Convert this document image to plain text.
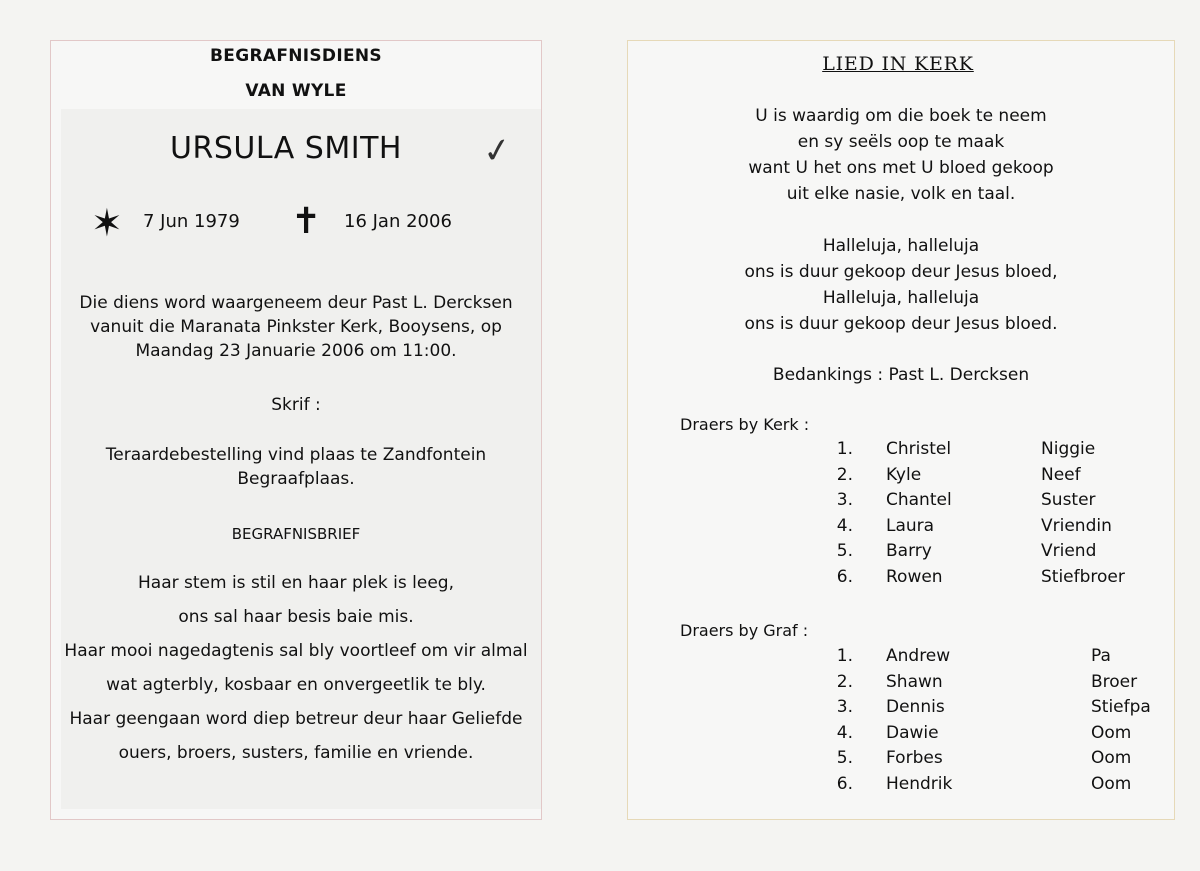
BEGRAFNISDIENS
VAN WYLE
URSULA SMITH	✓
✶ 7 Jun 1979 ✝ 16 Jan 2006
Die diens word waargeneem deur Past L. Dercksen
vanuit die Maranata Pinkster Kerk, Booysens, op
Maandag 23 Januarie 2006 om 11:00.
Skrif :
Teraardebestelling vind plaas te Zandfontein
Begraafplaas.
BEGRAFNISBRIEF
Haar stem is stil en haar plek is leeg,
ons sal haar besis baie mis.
Haar mooi nagedagtenis sal bly voortleef om vir almal
wat agterbly, kosbaar en onvergeetlik te bly.
Haar geengaan word diep betreur deur haar Geliefde
ouers, broers, susters, familie en vriende.
LIED IN KERK
U is waardig om die boek te neem
en sy seëls oop te maak
want U het ons met U bloed gekoop
uit elke nasie, volk en taal.
Halleluja, halleluja
ons is duur gekoop deur Jesus bloed,
Halleluja, halleluja
ons is duur gekoop deur Jesus bloed.
Bedankings : Past L. Dercksen
Draers by Kerk :
1. Christel	Niggie
2. Kyle	Neef
3. Chantel	Suster
4. Laura	Vriendin
5. Barry	Vriend
6. Rowen	Stiefbroer
Draers by Graf :
1. Andrew	Pa
2. Shawn	Broer
3. Dennis	Stiefpa
4. Dawie	Oom
5. Forbes	Oom
6. Hendrik	Oom
